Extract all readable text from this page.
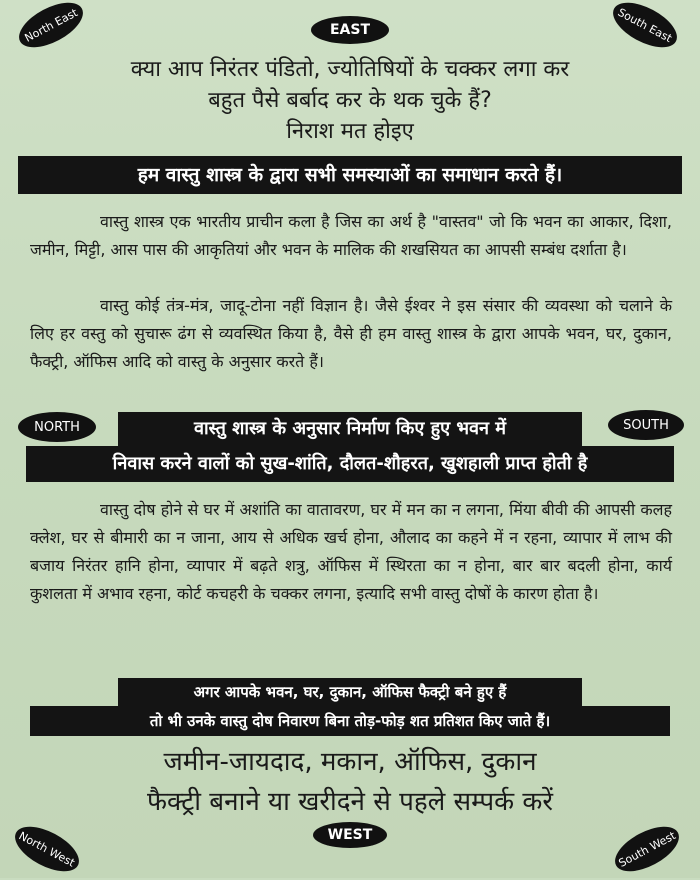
North East	EAST	South East
क्या आप निरंतर पंडितो, ज्योतिषियों के चक्कर लगा कर
बहुत पैसे बर्बाद कर के थक चुके हैं?
निराश मत होइए
हम वास्तु शास्त्र के द्वारा सभी समस्याओं का समाधान करते हैं।
वास्तु शास्त्र एक भारतीय प्राचीन कला है जिस का अर्थ है "वास्तव" जो कि भवन का आकार, दिशा, जमीन, मिट्टी, आस पास की आकृतियां और भवन के मालिक की शखसियत का आपसी सम्बंध दर्शाता है।
वास्तु कोई तंत्र-मंत्र, जादू-टोना नहीं विज्ञान है। जैसे ईश्वर ने इस संसार की व्यवस्था को चलाने के लिए हर वस्तु को सुचारू ढंग से व्यवस्थित किया है, वैसे ही हम वास्तु शास्त्र के द्वारा आपके भवन, घर, दुकान, फैक्ट्री, ऑफिस आदि को वास्तु के अनुसार करते हैं।
NORTH	वास्तु शास्त्र के अनुसार निर्माण किए हुए भवन में	SOUTH
निवास करने वालों को सुख-शांति, दौलत-शौहरत, खुशहाली प्राप्त होती है
वास्तु दोष होने से घर में अशांति का वातावरण, घर में मन का न लगना, मिंया बीवी की आपसी कलह क्लेश, घर से बीमारी का न जाना, आय से अधिक खर्च होना, औलाद का कहने में न रहना, व्यापार में लाभ की बजाय निरंतर हानि होना, व्यापार में बढ़ते शत्रु, ऑफिस में स्थिरता का न होना, बार बार बदली होना, कार्य कुशलता में अभाव रहना, कोर्ट कचहरी के चक्कर लगना, इत्यादि सभी वास्तु दोषों के कारण होता है।
अगर आपके भवन, घर, दुकान, ऑफिस फैक्ट्री बने हुए हैं
तो भी उनके वास्तु दोष निवारण बिना तोड़-फोड़ शत प्रतिशत किए जाते हैं।
जमीन-जायदाद, मकान, ऑफिस, दुकान
फैक्ट्री बनाने या खरीदने से पहले सम्पर्क करें
North West	WEST	South West
